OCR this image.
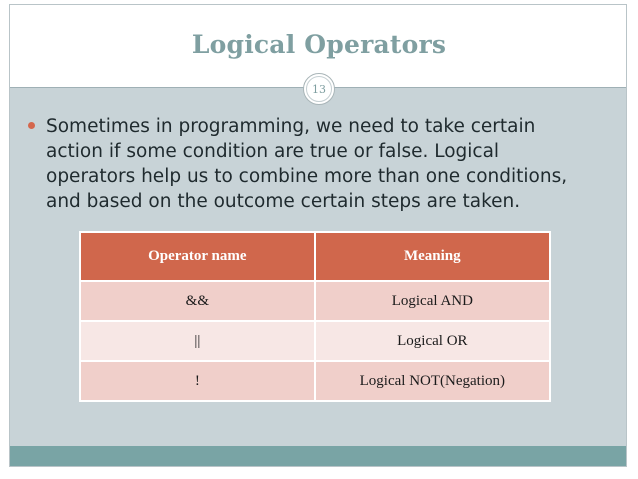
Logical Operators
13
Sometimes in programming, we need to take certain action if some condition are true or false. Logical operators help us to combine more than one conditions, and based on the outcome certain steps are taken.
Operator name	Meaning
&&	Logical AND
||	Logical OR
!	Logical NOT(Negation)
